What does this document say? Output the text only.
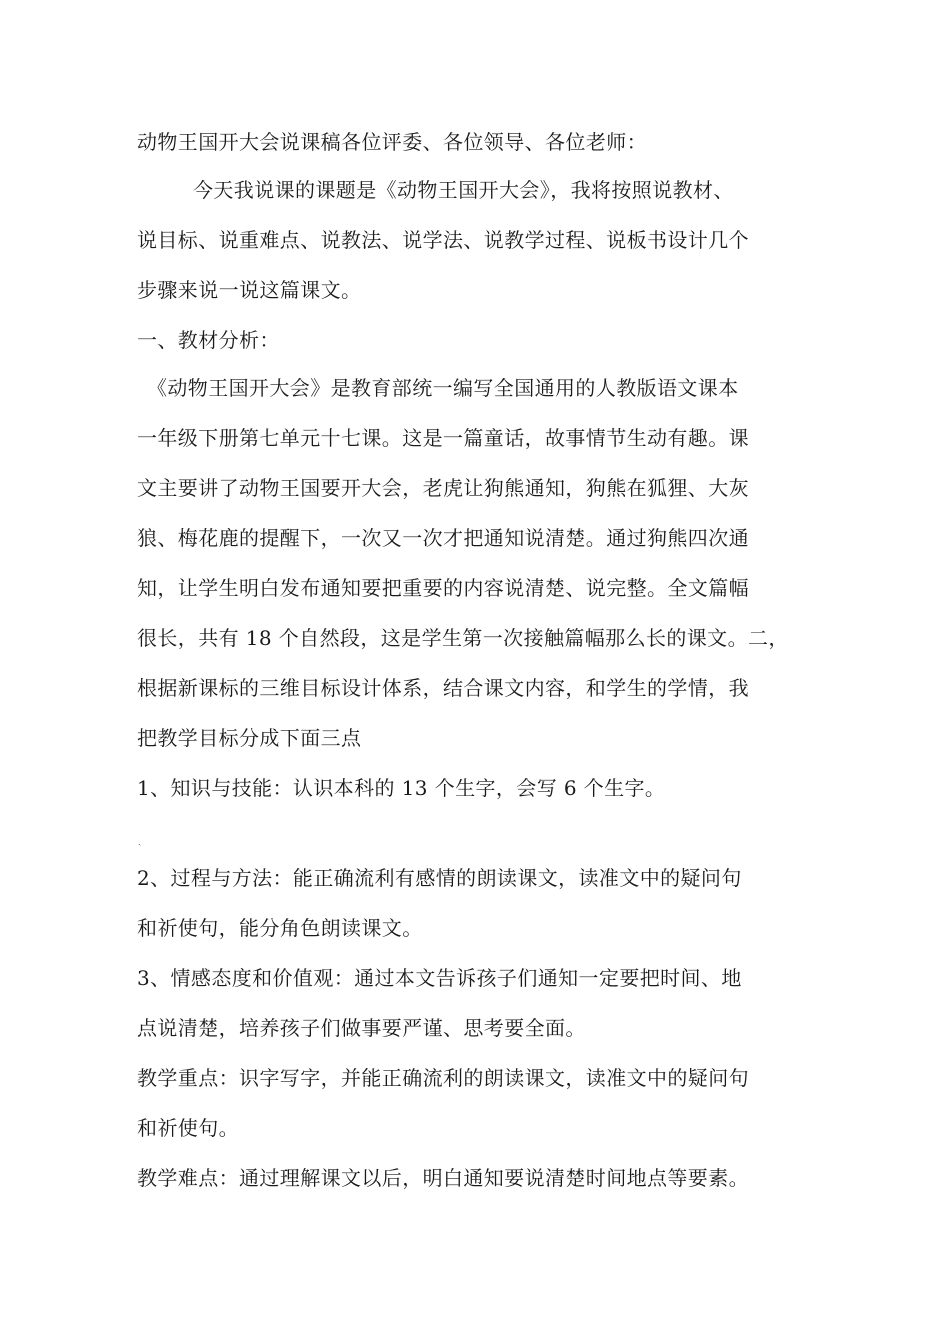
动物王国开大会说课稿各位评委、各位领导、各位老师：
今天我说课的课题是《动物王国开大会》，我将按照说教材、
说目标、说重难点、说教法、说学法、说教学过程、说板书设计几个
步骤来说一说这篇课文。
一、教材分析：
《动物王国开大会》是教育部统一编写全国通用的人教版语文课本
一年级下册第七单元十七课。这是一篇童话，故事情节生动有趣。课
文主要讲了动物王国要开大会，老虎让狗熊通知，狗熊在狐狸、大灰
狼、梅花鹿的提醒下，一次又一次才把通知说清楚。通过狗熊四次通
知，让学生明白发布通知要把重要的内容说清楚、说完整。全文篇幅
很长，共有 18 个自然段，这是学生第一次接触篇幅那么长的课文。二，
根据新课标的三维目标设计体系，结合课文内容，和学生的学情，我
把教学目标分成下面三点
1、知识与技能：认识本科的 13 个生字，会写 6 个生字。
ˎ
2、过程与方法：能正确流利有感情的朗读课文，读准文中的疑问句
和祈使句，能分角色朗读课文。
3、情感态度和价值观：通过本文告诉孩子们通知一定要把时间、地
点说清楚，培养孩子们做事要严谨、思考要全面。
教学重点：识字写字，并能正确流利的朗读课文，读准文中的疑问句
和祈使句。
教学难点：通过理解课文以后，明白通知要说清楚时间地点等要素。
